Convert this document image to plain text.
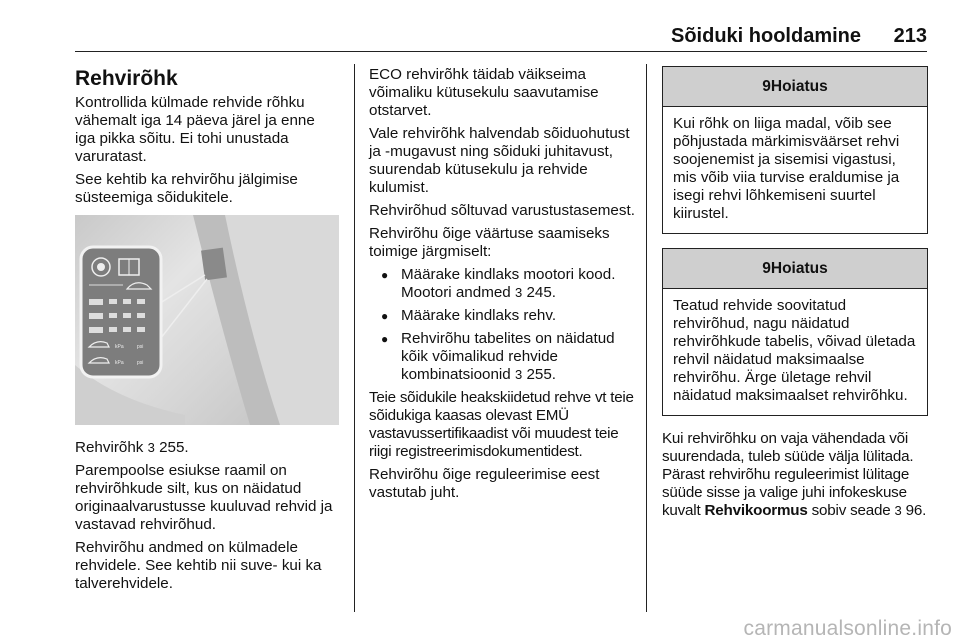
Sõiduki hooldamine 213
Rehvirõhk

Kontrollida külmade rehvide rõhku vähemalt iga 14 päeva järel ja enne iga pikka sõitu. Ei tohi unustada varuratast.

See kehtib ka rehvirõhu jälgimise süsteemiga sõidukitele.

kPa	psi
kPa	psi

Rehvirõhk 3 255.

Parempoolse esiukse raamil on rehvirõhkude silt, kus on näidatud originaalvarustusse kuuluvad rehvid ja vastavad rehvirõhud.

Rehvirõhu andmed on külmadele rehvidele. See kehtib nii suve- kui ka talverehvidele.

ECO rehvirõhk täidab väikseima võimaliku kütusekulu saavutamise otstarvet.

Vale rehvirõhk halvendab sõiduohutust ja -mugavust ning sõiduki juhitavust, suurendab kütusekulu ja rehvide kulumist.

Rehvirõhud sõltuvad varustustasemest.

Rehvirõhu õige väärtuse saamiseks toimige järgmiselt:

● Määrake kindlaks mootori kood. Mootori andmed 3 245.
● Määrake kindlaks rehv.
● Rehvirõhu tabelites on näidatud kõik võimalikud rehvide kombinatsioonid 3 255.

Teie sõidukile heakskiidetud rehve vt teie sõidukiga kaasas olevast EMÜ vastavussertifikaadist või muudest teie riigi registreerimisdokumentidest.

Rehvirõhu õige reguleerimise eest vastutab juht.

9Hoiatus
Kui rõhk on liiga madal, võib see põhjustada märkimisväärset rehvi soojenemist ja sisemisi vigastusi, mis võib viia turvise eraldumise ja isegi rehvi lõhkemiseni suurtel kiirustel.
9Hoiatus
Teatud rehvide soovitatud rehvirõhud, nagu näidatud rehvirõhkude tabelis, võivad ületada rehvil näidatud maksimaalse rehvirõhu. Ärge ületage rehvil näidatud maksimaalset rehvirõhku.

Kui rehvirõhku on vaja vähendada või suurendada, tuleb süüde välja lülitada. Pärast rehvirõhu reguleerimist lülitage süüde sisse ja valige juhi infokeskuse kuvalt Rehvikoormus sobiv seade 3 96.

carmanualsonline.info
